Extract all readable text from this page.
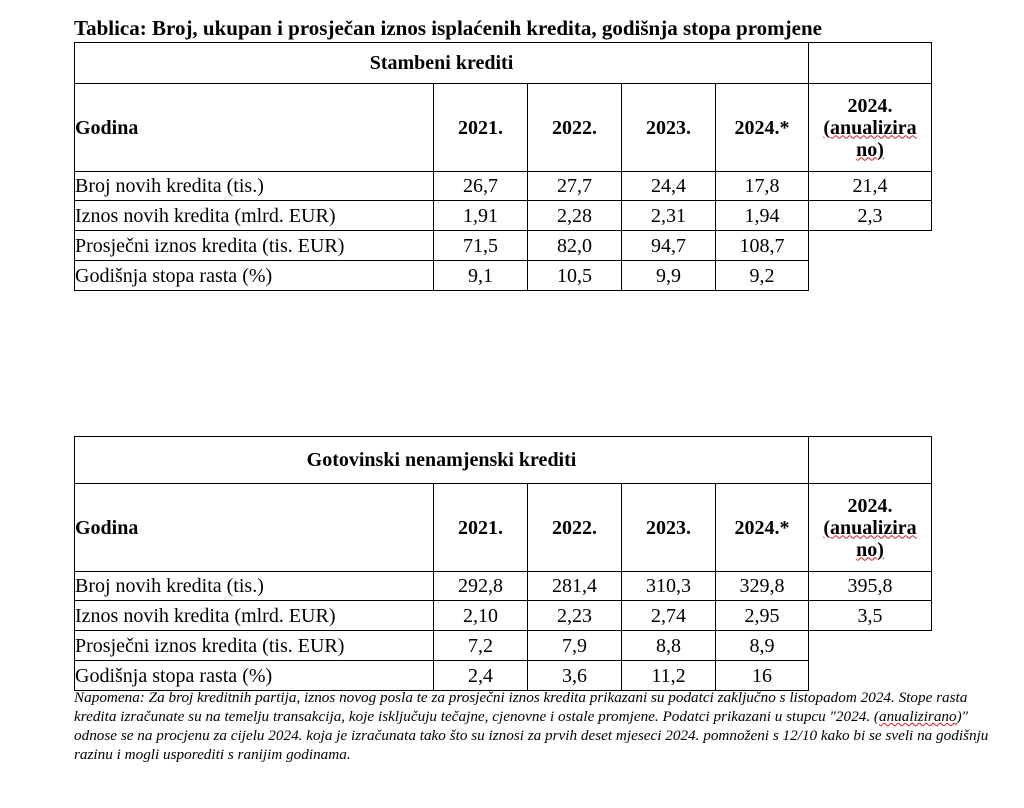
Tablica: Broj, ukupan i prosječan iznos isplaćenih kredita, godišnja stopa promjene
Stambeni krediti					
Godina	2021.	2022.	2023.	2024.*	2024.
(anualizira
no)
Broj novih kredita (tis.)	26,7	27,7	24,4	17,8	21,4
Iznos novih kredita (mlrd. EUR)	1,91	2,28	2,31	1,94	2,3
Prosječni iznos kredita (tis. EUR)	71,5	82,0	94,7	108,7	
Godišnja stopa rasta (%)	9,1	10,5	9,9	9,2	
Gotovinski nenamjenski krediti					
Godina	2021.	2022.	2023.	2024.*	2024.
(anualizira
no)
Broj novih kredita (tis.)	292,8	281,4	310,3	329,8	395,8
Iznos novih kredita (mlrd. EUR)	2,10	2,23	2,74	2,95	3,5
Prosječni iznos kredita (tis. EUR)	7,2	7,9	8,8	8,9	
Godišnja stopa rasta (%)	2,4	3,6	11,2	16	
Napomena: Za broj kreditnih partija, iznos novog posla te za prosječni iznos kredita prikazani su podatci zaključno s listopadom 2024. Stope rasta kredita izračunate su na temelju transakcija, koje isključuju tečajne, cjenovne i ostale promjene. Podatci prikazani u stupcu "2024. (anualizirano)" odnose se na procjenu za cijelu 2024. koja je izračunata tako što su iznosi za prvih deset mjeseci 2024. pomnoženi s 12/10 kako bi se sveli na godišnju razinu i mogli usporediti s ranijim godinama.
